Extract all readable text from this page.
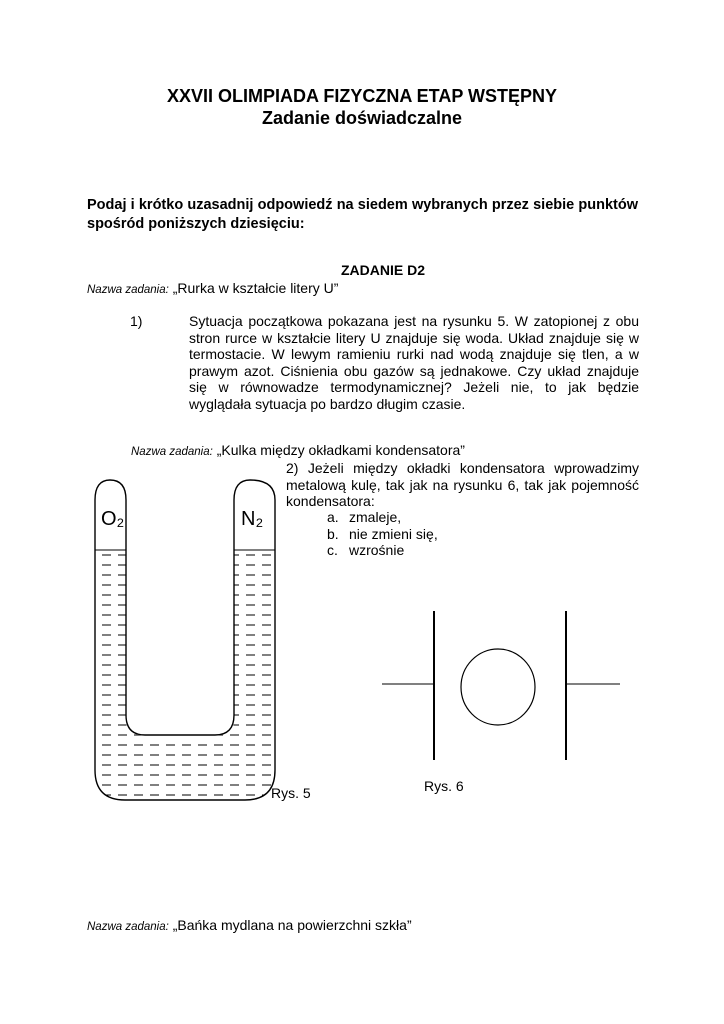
XXVII OLIMPIADA FIZYCZNA ETAP WSTĘPNY
Zadanie doświadczalne
Podaj i krótko uzasadnij odpowiedź na siedem wybranych przez siebie punktów spośród poniższych dziesięciu:
ZADANIE D2
Nazwa zadania: „Rurka w kształcie litery U”
1)	Sytuacja początkowa pokazana jest na rysunku 5. W zatopionej z obu stron rurce w kształcie litery U znajduje się woda. Układ znajduje się w termostacie. W lewym ramieniu rurki nad wodą znajduje się tlen, a w prawym azot. Ciśnienia obu gazów są jednakowe. Czy układ znajduje się w równowadze termodynamicznej? Jeżeli nie, to jak będzie wyglądała sytuacja po bardzo długim czasie.
Nazwa zadania: „Kulka między okładkami kondensatora”
2) Jeżeli między okładki kondensatora wprowadzimy metalową kulę, tak jak na rysunku 6, tak jak pojemność kondensatora:
a. zmaleje,
b. nie zmieni się,
c. wzrośnie
O₂	N₂
Rys. 5	Rys. 6
Nazwa zadania: „Bańka mydlana na powierzchni szkła”
